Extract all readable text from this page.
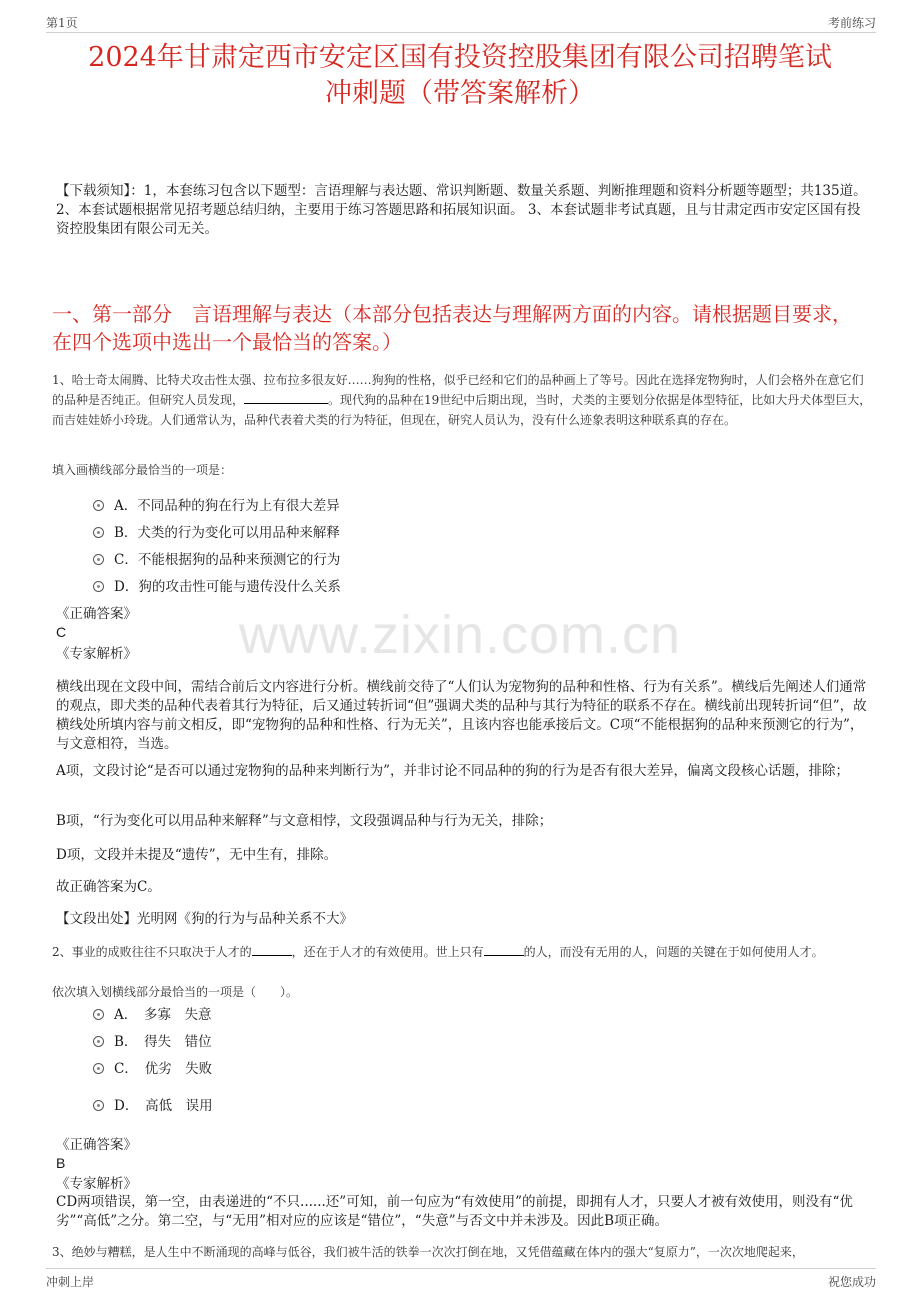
第1页	考前练习
2024年甘肃定西市安定区国有投资控股集团有限公司招聘笔试
冲刺题（带答案解析）
【下载须知】：1，本套练习包含以下题型：言语理解与表达题、常识判断题、数量关系题、判断推理题和资料分析题等题型；共135道。 2、本套试题根据常见招考题总结归纳，主要用于练习答题思路和拓展知识面。 3、本套试题非考试真题，且与甘肃定西市安定区国有投资控股集团有限公司无关。
一、第一部分　言语理解与表达（本部分包括表达与理解两方面的内容。请根据题目要求，在四个选项中选出一个最恰当的答案。）
1、哈士奇太闹腾、比特犬攻击性太强、拉布拉多很友好……狗狗的性格，似乎已经和它们的品种画上了等号。因此在选择宠物狗时，人们会格外在意它们的品种是否纯正。但研究人员发现，	。现代狗的品种在19世纪中后期出现，当时，犬类的主要划分依据是体型特征，比如大丹犬体型巨大，而吉娃娃娇小玲珑。人们通常认为，品种代表着犬类的行为特征，但现在，研究人员认为，没有什么迹象表明这种联系真的存在。
填入画横线部分最恰当的一项是：
A．不同品种的狗在行为上有很大差异
B．犬类的行为变化可以用品种来解释
C．不能根据狗的品种来预测它的行为
D．狗的攻击性可能与遗传没什么关系
《正确答案》
C
《专家解析》 www.zixin.com.cn
横线出现在文段中间，需结合前后文内容进行分析。横线前交待了“人们认为宠物狗的品种和性格、行为有关系”。横线后先阐述人们通常的观点，即犬类的品种代表着其行为特征，后又通过转折词“但”强调犬类的品种与其行为特征的联系不存在。横线前出现转折词“但”，故横线处所填内容与前文相反，即“宠物狗的品种和性格、行为无关”，且该内容也能承接后文。C项“不能根据狗的品种来预测它的行为”，与文意相符，当选。
A项，文段讨论“是否可以通过宠物狗的品种来判断行为”，并非讨论不同品种的狗的行为是否有很大差异，偏离文段核心话题，排除；
B项，“行为变化可以用品种来解释”与文意相悖，文段强调品种与行为无关，排除；
D项，文段并未提及“遗传”，无中生有，排除。
故正确答案为C。
【文段出处】光明网《狗的行为与品种关系不大》
2、事业的成败往往不只取决于人才的	，还在于人才的有效使用。世上只有	的人，而没有无用的人，问题的关键在于如何使用人才。
依次填入划横线部分最恰当的一项是（　　）。
A．　多寡　失意
B．　得失　错位
C．　优劣　失败
D．　高低　误用
《正确答案》
B
《专家解析》
CD两项错误，第一空，由表递进的“不只......还”可知，前一句应为“有效使用”的前提，即拥有人才，只要人才被有效使用，则没有“优劣”“高低”之分。第二空，与“无用”相对应的应该是“错位”，“失意”与否文中并未涉及。因此B项正确。
3、绝妙与糟糕，是人生中不断涌现的高峰与低谷，我们被牛活的铁拳一次次打倒在地，又凭借蕴藏在体内的强大“复原力”，一次次地爬起来，
冲刺上岸	祝您成功
